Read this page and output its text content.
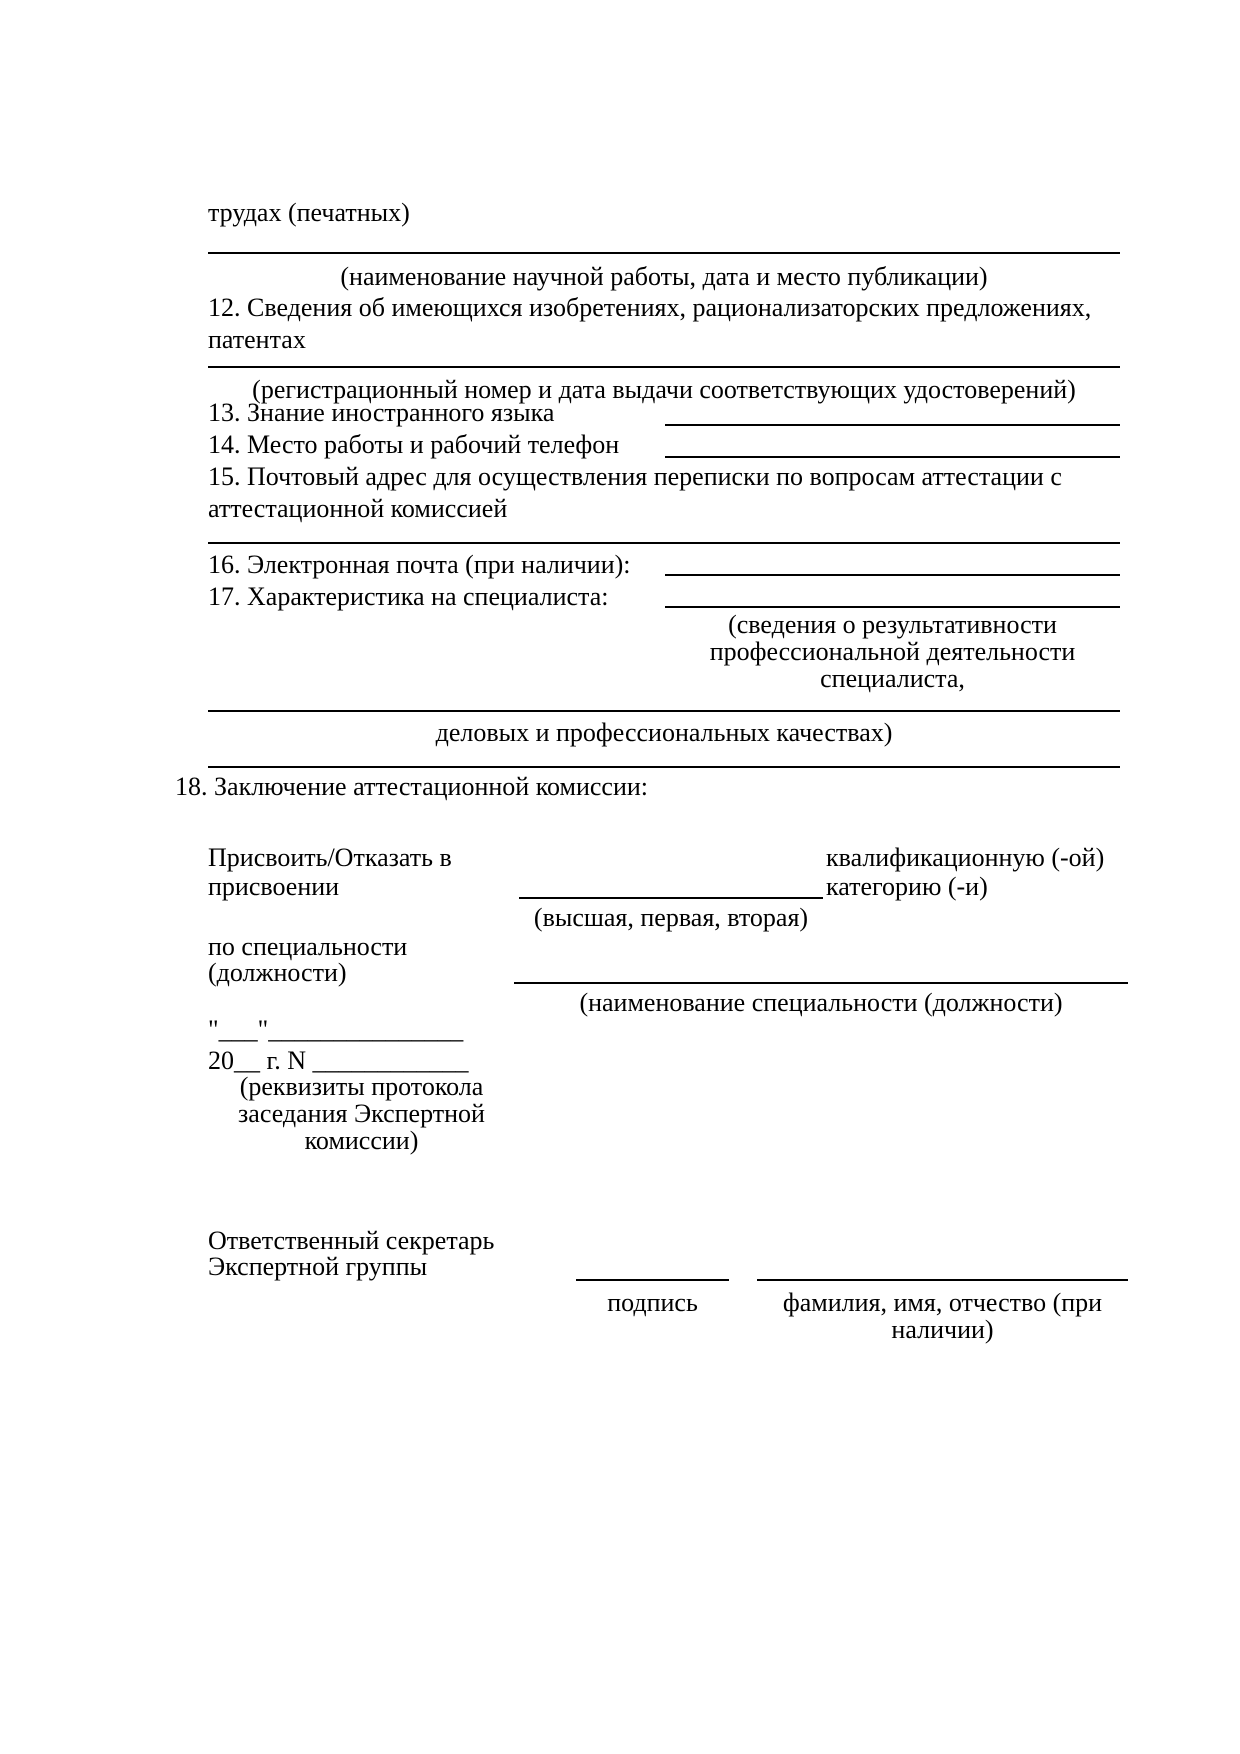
трудах (печатных)
(наименование научной работы, дата и место публикации)
12. Сведения об имеющихся изобретениях, рационализаторских предложениях,
патентах
(регистрационный номер и дата выдачи соответствующих удостоверений)
13. Знание иностранного языка
14. Место работы и рабочий телефон
15. Почтовый адрес для осуществления переписки по вопросам аттестации с
аттестационной комиссией
16. Электронная почта (при наличии):
17. Характеристика на специалиста:
(сведения о результативности
профессиональной деятельности
специалиста,
деловых и профессиональных качествах)
18. Заключение аттестационной комиссии:
Присвоить/Отказать в
присвоении
квалификационную (-ой)
категорию (-и)
(высшая, первая, вторая)
по специальности
(должности)
(наименование специальности (должности)
"___"_______________
20__ г. N ____________
(реквизиты протокола
заседания Экспертной
комиссии)
Ответственный секретарь
Экспертной группы
подпись	фамилия, имя, отчество (при
наличии)
